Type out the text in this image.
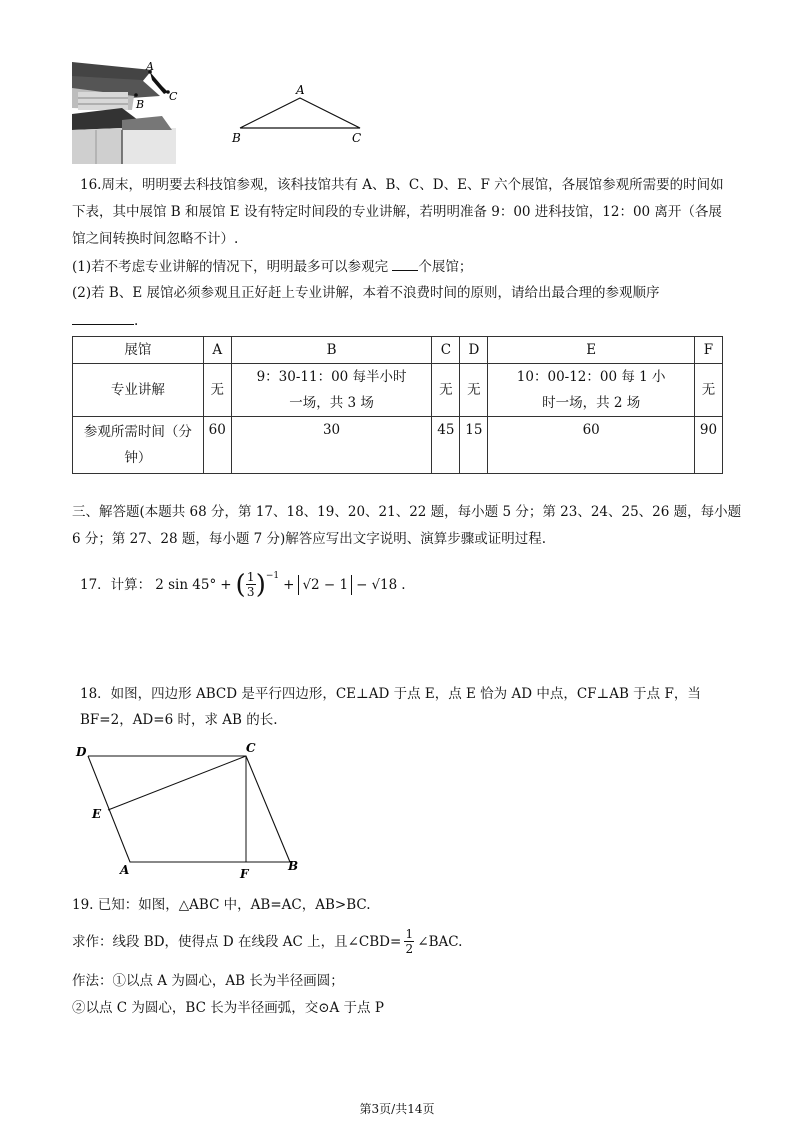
A
B
C	A
B	C
16.周末，明明要去科技馆参观，该科技馆共有 A、B、C、D、E、F 六个展馆，各展馆参观所需要的时间如
下表，其中展馆 B 和展馆 E 设有特定时间段的专业讲解，若明明准备 9：00 进科技馆，12：00 离开（各展
馆之间转换时间忽略不计）.
(1)若不考虑专业讲解的情况下，明明最多可以参观完 个展馆；
(2)若 B、E 展馆必须参观且正好赶上专业讲解，本着不浪费时间的原则，请给出最合理的参观顺序
.
展馆	A	B	C	D	E	F
专业讲解	无	9：30-11：00 每半小时一场，共 3 场	无	无	10：00-12：00 每 1 小时一场，共 2 场	无
参观所需时间（分钟）	60	30	45	15	60	90
三、解答题(本题共 68 分，第 17、18、19、20、21、22 题，每小题 5 分；第 23、24、25、26 题，每小题
6 分；第 27、28 题，每小题 7 分)解答应写出文字说明、演算步骤或证明过程.
17．计算： 2 sin 45° + ( 1
3 )$^{-1}$
+ √2 − 1 − √18 .
18．如图，四边形 ABCD 是平行四边形，CE⊥AD 于点 E，点 E 恰为 AD 中点，CF⊥AB 于点 F，当
BF=2，AD=6 时，求 AB 的长.
D	C
E
A	F
B
19. 已知：如图，△ABC 中，AB=AC，AB>BC.
求作：线段 BD，使得点 D 在线段 AC 上，且∠CBD= 1
2 ∠BAC.
作法：①以点 A 为圆心，AB 长为半径画圆；
②以点 C 为圆心，BC 长为半径画弧，交⊙A 于点 P
第3页/共14页
